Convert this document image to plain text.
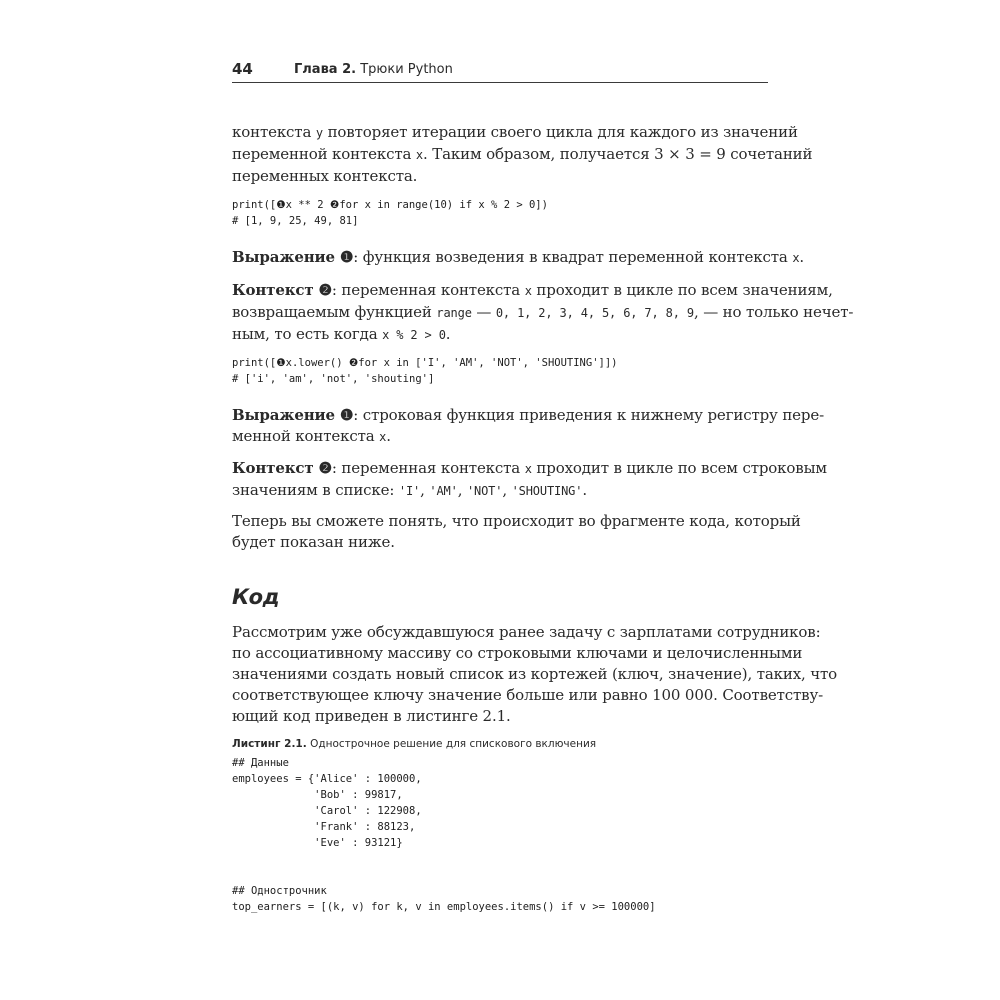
44	Глава 2. Трюки Python
контекста y повторяет итерации своего цикла для каждого из значений
переменной контекста x. Таким образом, получается 3 × 3 = 9 сочетаний
переменных контекста.
print([❶x ** 2 ❷for x in range(10) if x % 2 > 0])
# [1, 9, 25, 49, 81]
Выражение ❶: функция возведения в квадрат переменной контекста x.
Контекст ❷: переменная контекста x проходит в цикле по всем значениям,
возвращаемым функцией range — 0, 1, 2, 3, 4, 5, 6, 7, 8, 9, — но только нечет-
ным, то есть когда x % 2 > 0.
print([❶x.lower() ❷for x in ['I', 'AM', 'NOT', 'SHOUTING']])
# ['i', 'am', 'not', 'shouting']
Выражение ❶: строковая функция приведения к нижнему регистру пере-
менной контекста x.
Контекст ❷: переменная контекста x проходит в цикле по всем строковым
значениям в списке: 'I', 'AM', 'NOT', 'SHOUTING'.
Теперь вы сможете понять, что происходит во фрагменте кода, который
будет показан ниже.
Код
Рассмотрим уже обсуждавшуюся ранее задачу с зарплатами сотрудников:
по ассоциативному массиву со строковыми ключами и целочисленными
значениями создать новый список из кортежей (ключ, значение), таких, что
соответствующее ключу значение больше или равно 100 000. Соответству-
ющий код приведен в листинге 2.1.
Листинг 2.1. Однострочное решение для спискового включения
## Данные
employees = {'Alice' : 100000,
'Bob' : 99817,
'Carol' : 122908,
'Frank' : 88123,
'Eve' : 93121}

## Однострочник
top_earners = [(k, v) for k, v in employees.items() if v >= 100000]
